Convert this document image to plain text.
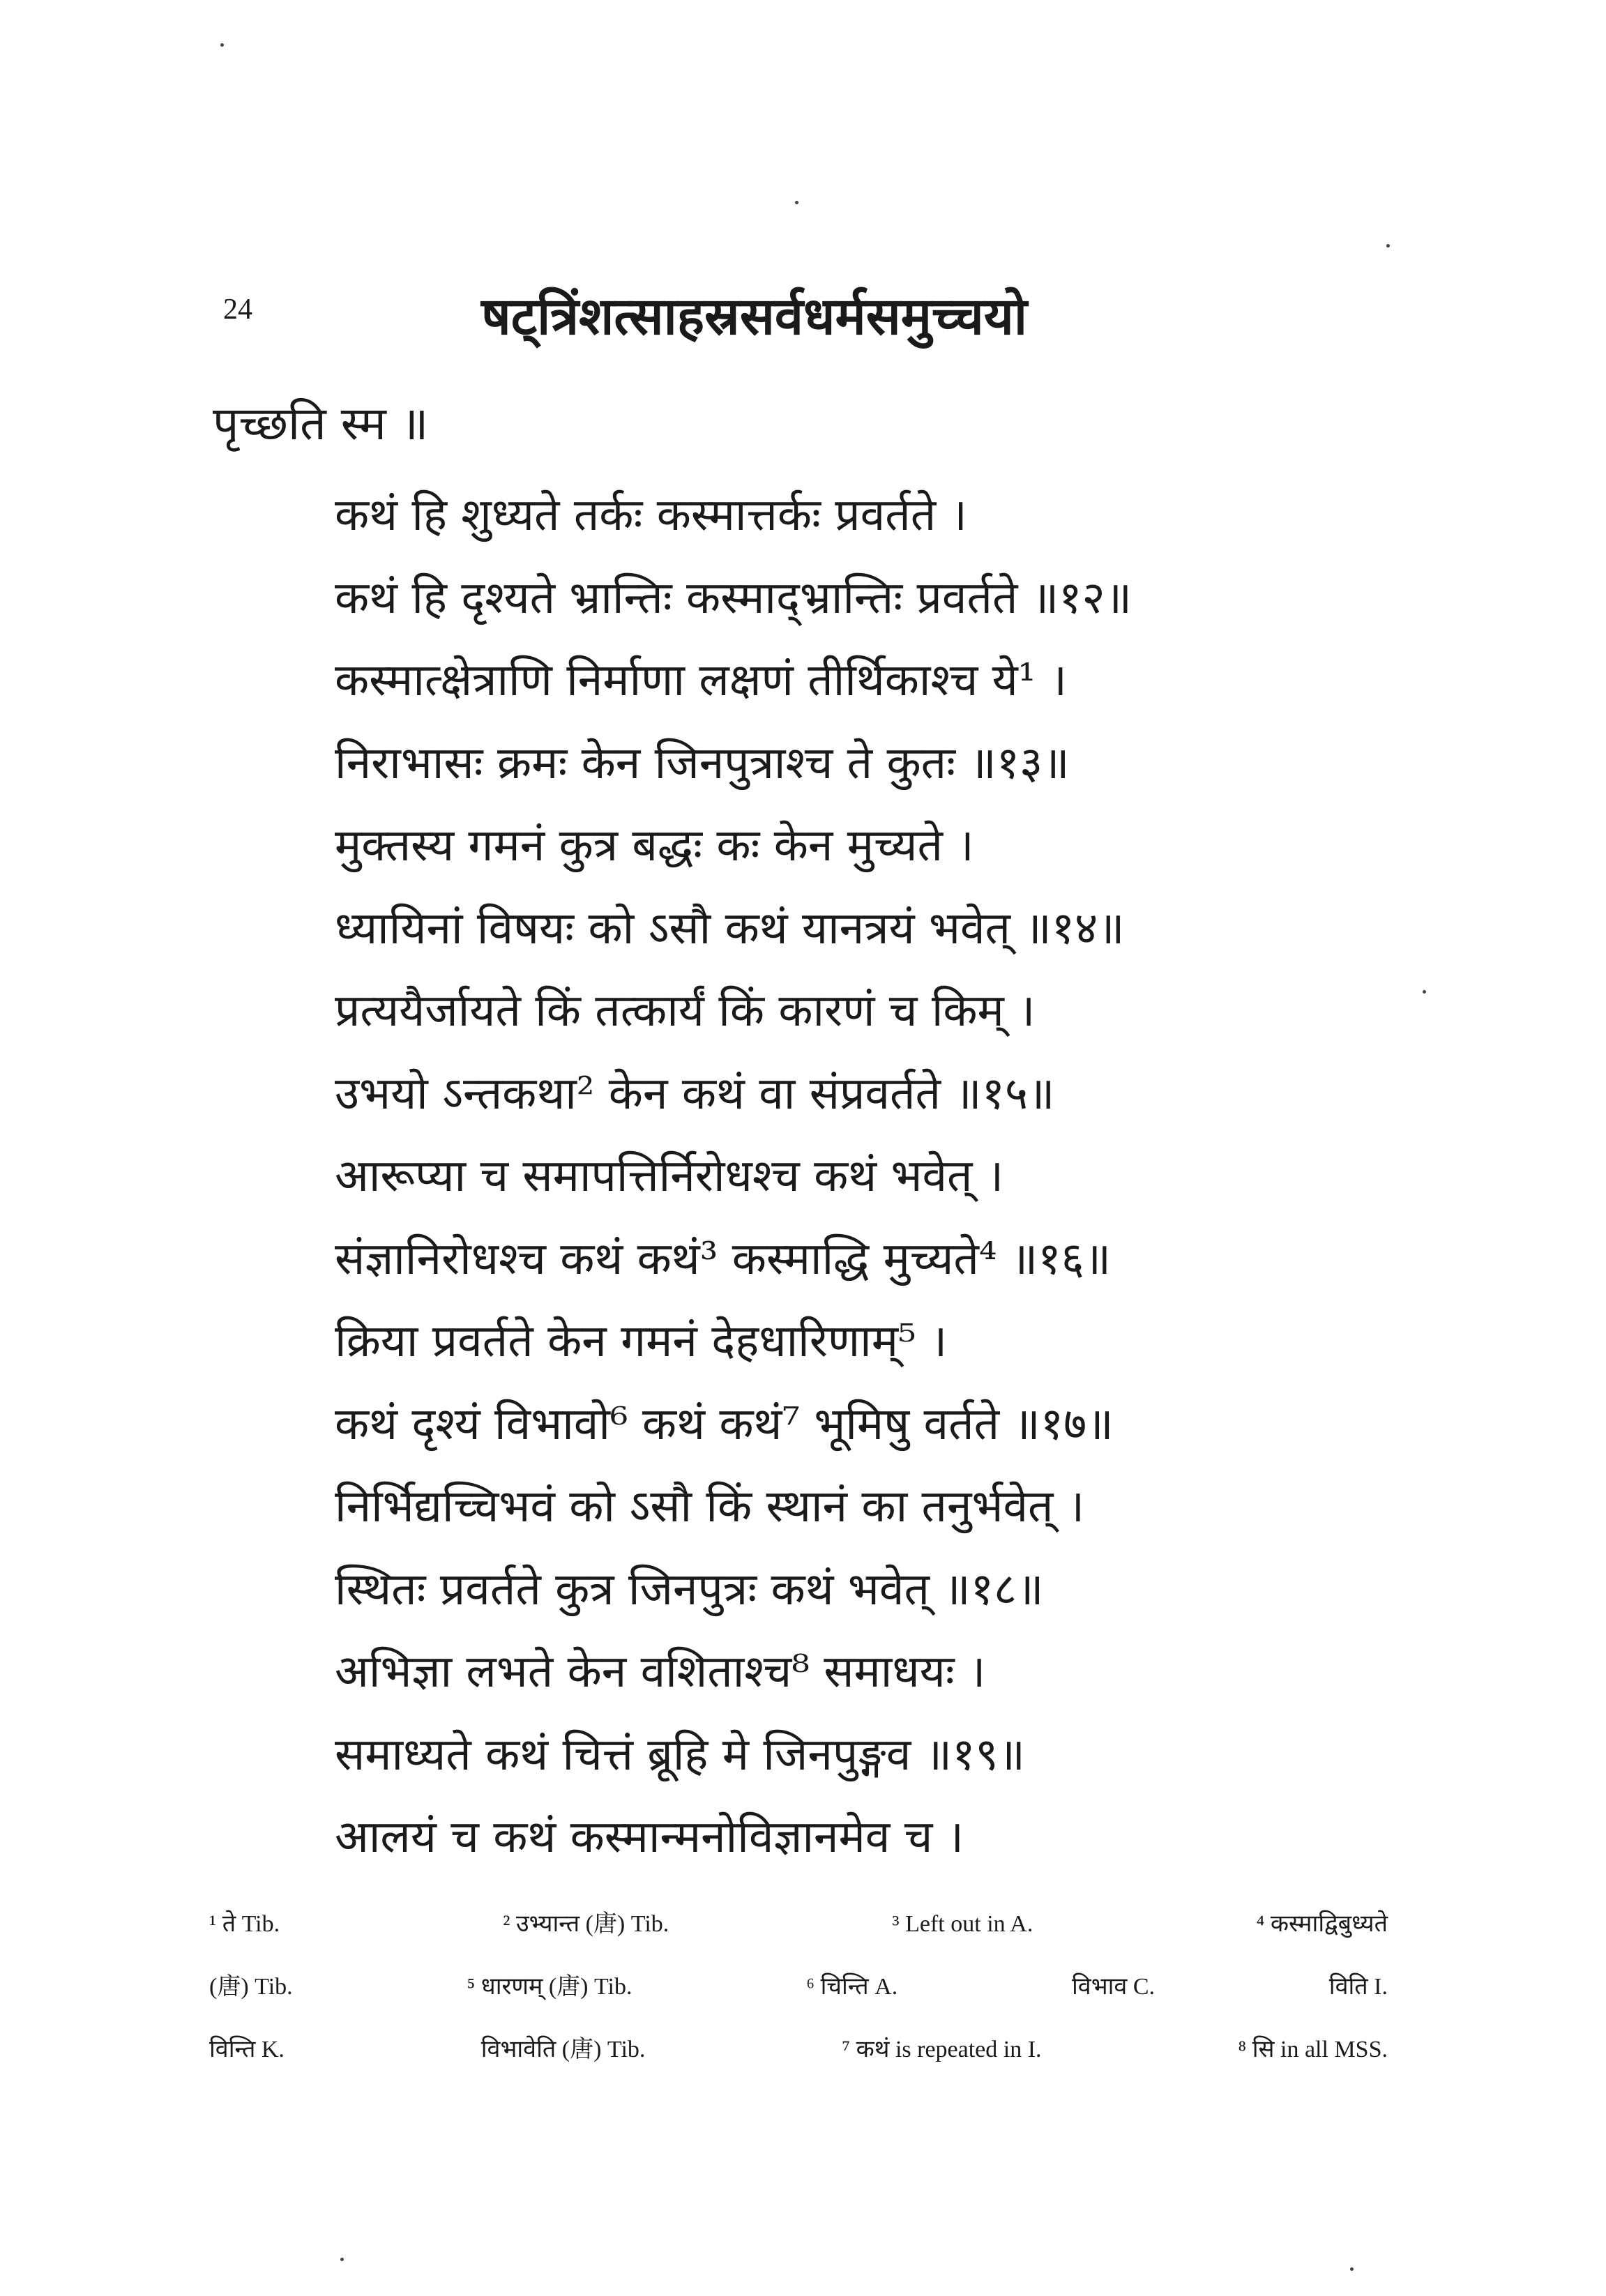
24	षट्‌त्रिंशत्साहस्रसर्वधर्मसमुच्चयो
पृच्छति स्म ॥
कथं हि शुध्यते तर्कः कस्मात्तर्कः प्रवर्तते ।
कथं हि दृश्यते भ्रान्तिः कस्माद्भ्रान्तिः प्रवर्तते ॥१२॥
कस्मात्क्षेत्राणि निर्माणा लक्षणं तीर्थिकाश्च ये¹ ।
निराभासः क्रमः केन जिनपुत्राश्च ते कुतः ॥१३॥
मुक्तस्य गमनं कुत्र बद्धः कः केन मुच्यते ।
ध्यायिनां विषयः को ऽसौ कथं यानत्रयं भवेत् ॥१४॥
प्रत्ययैर्जायते किं तत्कार्यं किं कारणं च किम् ।
उभयो ऽन्तकथा² केन कथं वा संप्रवर्तते ॥१५॥
आरूप्या च समापत्तिर्निरोधश्च कथं भवेत् ।
संज्ञानिरोधश्च कथं कथं³ कस्माद्धि मुच्यते⁴ ॥१६॥
क्रिया प्रवर्तते केन गमनं देहधारिणाम्⁵ ।
कथं दृश्यं विभावो⁶ कथं कथं⁷ भूमिषु वर्तते ॥१७॥
निर्भिद्यच्चिभवं को ऽसौ किं स्थानं का तनुर्भवेत् ।
स्थितः प्रवर्तते कुत्र जिनपुत्रः कथं भवेत् ॥१८॥
अभिज्ञा लभते केन वशिताश्च⁸ समाधयः ।
समाध्यते कथं चित्तं ब्रूहि मे जिनपुङ्गव ॥१९॥
आलयं च कथं कस्मान्मनोविज्ञानमेव च ।
¹ ते Tib.	² उभ्यान्त (唐) Tib.	³ Left out in A.	⁴ कस्माद्विबुध्यते
(唐) Tib.	⁵ धारणम् (唐) Tib.	⁶ चिन्ति A.	विभाव C.	विति I.
विन्ति K.	विभावेति (唐) Tib.	⁷ कथं is repeated in I.	⁸ सि in all MSS.
